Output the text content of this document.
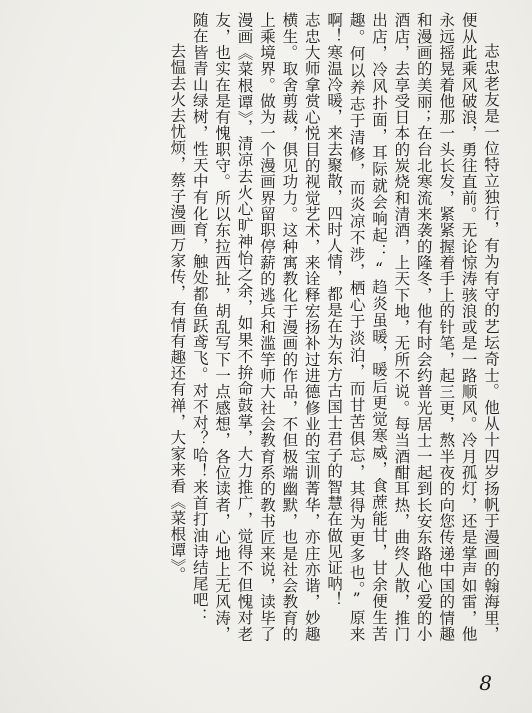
志忠老友是一位特立独行，有为有守的艺坛奇士。他从十四岁扬帆于漫画的翰海里，便从此乘风破浪，勇往直前。无论惊涛骇浪或是一路顺风。冷月孤灯，还是掌声如雷，他永远摇晃着他那一头长发，紧紧握着手上的针笔，起三更，熬半夜的向您传递中国的情趣和漫画的美丽；在台北寒流来袭的隆冬，他有时会约普光居士一起到长安东路他心爱的小酒店，去享受日本的炭烧和清酒，上天下地，无所不说。每当酒酣耳热，曲终人散，推门出店，冷风扑面，耳际就会响起：“趋炎虽暖，暖后更觉寒威，食蔗能甘，甘余便生苦趣。何以养志于清修，而炎凉不涉，栖心于淡泊，而甘苦俱忘，其得为更多也。”原来啊！寒温冷暖，来去聚散，四时人情，都是在为东方古国士君子的智慧在做见证呐！

志忠大师拿赏心悦目的视觉艺术，来诠释宏扬补过进德修业的宝训菁华，亦庄亦谐，妙趣横生。取舍剪裁，俱见功力。这种寓教化于漫画的作品，不但极端幽默，也是社会教育的上乘境界。做为一个漫画界留职停薪的逃兵和滥竽师大社会教育系的教书匠来说，读毕了漫画《菜根谭》，清凉去火心旷神怡之余，如果不拚命鼓掌，大力推广，觉得不但愧对老友，也实在是有愧职守。所以东拉西扯，胡乱写下一点感想，各位读者，心地上无风涛，随在皆青山绿树，性天中有化育，触处都鱼跃鸢飞。对不对？哈！来首打油诗结尾吧：

去愠去火去忧烦，蔡子漫画万家传，有情有趣还有禅，大家来看《菜根谭》。

8
